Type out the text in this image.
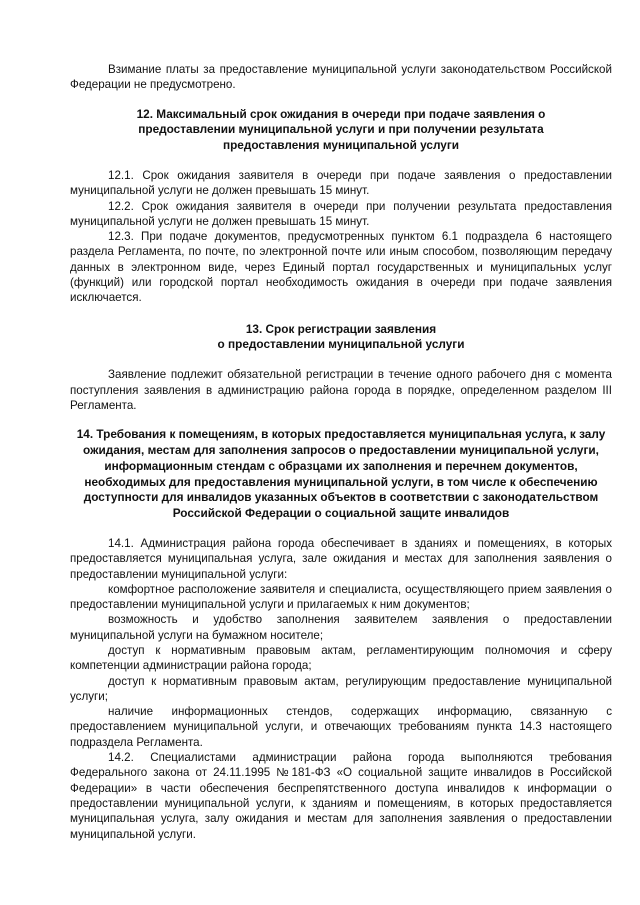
Взимание платы за предоставление муниципальной услуги законодательством Российской Федерации не предусмотрено.

12. Максимальный срок ожидания в очереди при подаче заявления о предоставлении муниципальной услуги и при получении результата предоставления муниципальной услуги

12.1. Срок ожидания заявителя в очереди при подаче заявления о предоставлении муниципальной услуги не должен превышать 15 минут.

12.2. Срок ожидания заявителя в очереди при получении результата предоставления муниципальной услуги не должен превышать 15 минут.

12.3. При подаче документов, предусмотренных пунктом 6.1 подраздела 6 настоящего раздела Регламента, по почте, по электронной почте или иным способом, позволяющим передачу данных в электронном виде, через Единый портал государственных и муниципальных услуг (функций) или городской портал необходимость ожидания в очереди при подаче заявления исключается.

13. Срок регистрации заявления
о предоставлении муниципальной услуги

Заявление подлежит обязательной регистрации в течение одного рабочего дня с момента поступления заявления в администрацию района города в порядке, определенном разделом III Регламента.

14. Требования к помещениям, в которых предоставляется муниципальная услуга, к залу ожидания, местам для заполнения запросов о предоставлении муниципальной услуги, информационным стендам с образцами их заполнения и перечнем документов, необходимых для предоставления муниципальной услуги, в том числе к обеспечению доступности для инвалидов указанных объектов в соответствии с законодательством Российской Федерации о социальной защите инвалидов

14.1. Администрация района города обеспечивает в зданиях и помещениях, в которых предоставляется муниципальная услуга, зале ожидания и местах для заполнения заявления о предоставлении муниципальной услуги:

комфортное расположение заявителя и специалиста, осуществляющего прием заявления о предоставлении муниципальной услуги и прилагаемых к ним документов;

возможность и удобство заполнения заявителем заявления о предоставлении муниципальной услуги на бумажном носителе;

доступ к нормативным правовым актам, регламентирующим полномочия и сферу компетенции администрации района города;

доступ к нормативным правовым актам, регулирующим предоставление муниципальной услуги;

наличие информационных стендов, содержащих информацию, связанную с предоставлением муниципальной услуги, и отвечающих требованиям пункта 14.3 настоящего подраздела Регламента.

14.2. Специалистами администрации района города выполняются требования Федерального закона от 24.11.1995 №181-ФЗ «О социальной защите инвалидов в Российской Федерации» в части обеспечения беспрепятственного доступа инвалидов к информации о предоставлении муниципальной услуги, к зданиям и помещениям, в которых предоставляется муниципальная услуга, залу ожидания и местам для заполнения заявления о предоставлении муниципальной услуги.
